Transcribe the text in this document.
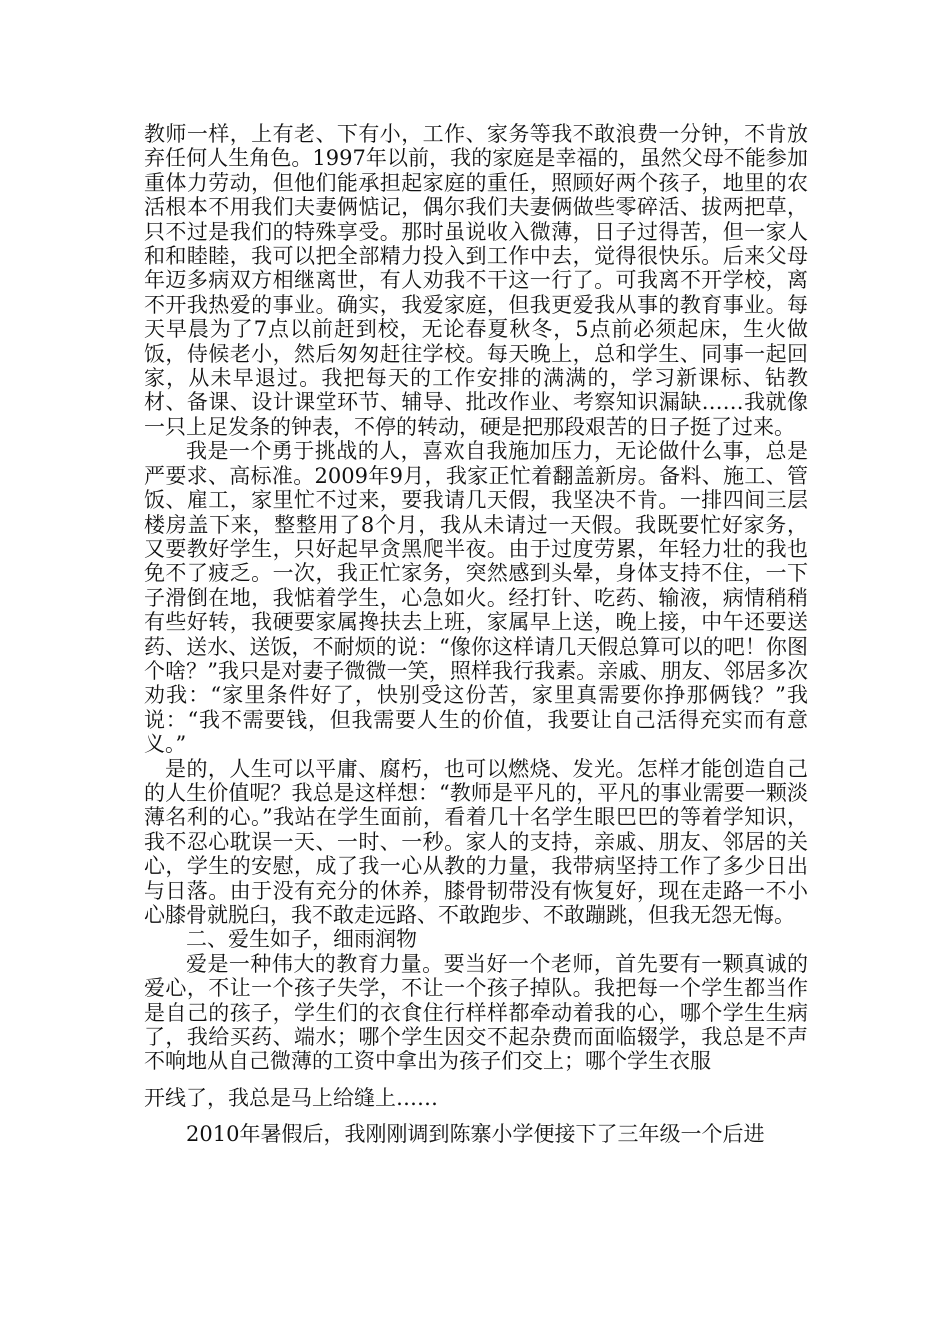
教师一样，上有老、下有小，工作、家务等我不敢浪费一分钟，不肯放弃任何人生角色。1997年以前，我的家庭是幸福的，虽然父母不能参加重体力劳动，但他们能承担起家庭的重任，照顾好两个孩子，地里的农活根本不用我们夫妻俩惦记，偶尔我们夫妻俩做些零碎活、拔两把草，只不过是我们的特殊享受。那时虽说收入微薄，日子过得苦，但一家人和和睦睦，我可以把全部精力投入到工作中去，觉得很快乐。后来父母年迈多病双方相继离世，有人劝我不干这一行了。可我离不开学校，离不开我热爱的事业。确实，我爱家庭，但我更爱我从事的教育事业。每天早晨为了7点以前赶到校，无论春夏秋冬，5点前必须起床，生火做饭，侍候老小，然后匆匆赶往学校。每天晚上，总和学生、同事一起回家，从未早退过。我把每天的工作安排的满满的，学习新课标、钻教材、备课、设计课堂环节、辅导、批改作业、考察知识漏缺……我就像一只上足发条的钟表，不停的转动，硬是把那段艰苦的日子挺了过来。

我是一个勇于挑战的人，喜欢自我施加压力，无论做什么事，总是严要求、高标准。2009年9月，我家正忙着翻盖新房。备料、施工、管饭、雇工，家里忙不过来，要我请几天假，我坚决不肯。一排四间三层楼房盖下来，整整用了8个月，我从未请过一天假。我既要忙好家务，又要教好学生，只好起早贪黑爬半夜。由于过度劳累，年轻力壮的我也免不了疲乏。一次，我正忙家务，突然感到头晕，身体支持不住，一下子滑倒在地，我惦着学生，心急如火。经打针、吃药、输液，病情稍稍有些好转，我硬要家属搀扶去上班，家属早上送，晚上接，中午还要送药、送水、送饭，不耐烦的说：“像你这样请几天假总算可以的吧！你图个啥？”我只是对妻子微微一笑，照样我行我素。亲戚、朋友、邻居多次劝我：“家里条件好了，快别受这份苦，家里真需要你挣那俩钱？”我说：“我不需要钱，但我需要人生的价值，我要让自己活得充实而有意义。”

是的，人生可以平庸、腐朽，也可以燃烧、发光。怎样才能创造自己的人生价值呢？我总是这样想：“教师是平凡的，平凡的事业需要一颗淡薄名利的心。”我站在学生面前，看着几十名学生眼巴巴的等着学知识，我不忍心耽误一天、一时、一秒。家人的支持，亲戚、朋友、邻居的关心，学生的安慰，成了我一心从教的力量，我带病坚持工作了多少日出与日落。由于没有充分的休养，膝骨韧带没有恢复好，现在走路一不小心膝骨就脱臼，我不敢走远路、不敢跑步、不敢蹦跳，但我无怨无悔。

二、爱生如子，细雨润物

爱是一种伟大的教育力量。要当好一个老师，首先要有一颗真诚的爱心，不让一个孩子失学，不让一个孩子掉队。我把每一个学生都当作是自己的孩子，学生们的衣食住行样样都牵动着我的心，哪个学生生病了，我给买药、端水；哪个学生因交不起杂费而面临辍学，我总是不声不响地从自己微薄的工资中拿出为孩子们交上；哪个学生衣服

开线了，我总是马上给缝上……

2010年暑假后，我刚刚调到陈寨小学便接下了三年级一个后进
